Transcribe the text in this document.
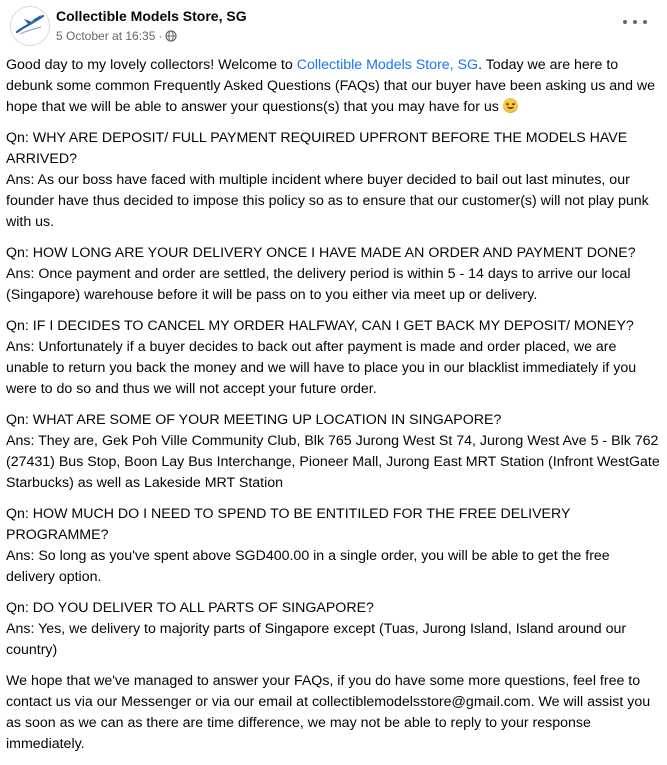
Collectible Models Store, SG
5 October at 16:35 ·

Good day to my lovely collectors! Welcome to Collectible Models Store, SG. Today we are here to debunk some common Frequently Asked Questions (FAQs) that our buyer have been asking us and we hope that we will be able to answer your questions(s) that you may have for us

Qn: WHY ARE DEPOSIT/ FULL PAYMENT REQUIRED UPFRONT BEFORE THE MODELS HAVE ARRIVED?
Ans: As our boss have faced with multiple incident where buyer decided to bail out last minutes, our founder have thus decided to impose this policy so as to ensure that our customer(s) will not play punk with us.

Qn: HOW LONG ARE YOUR DELIVERY ONCE I HAVE MADE AN ORDER AND PAYMENT DONE?
Ans: Once payment and order are settled, the delivery period is within 5 - 14 days to arrive our local (Singapore) warehouse before it will be pass on to you either via meet up or delivery.

Qn: IF I DECIDES TO CANCEL MY ORDER HALFWAY, CAN I GET BACK MY DEPOSIT/ MONEY?
Ans: Unfortunately if a buyer decides to back out after payment is made and order placed, we are unable to return you back the money and we will have to place you in our blacklist immediately if you were to do so and thus we will not accept your future order.

Qn: WHAT ARE SOME OF YOUR MEETING UP LOCATION IN SINGAPORE?
Ans: They are, Gek Poh Ville Community Club, Blk 765 Jurong West St 74, Jurong West Ave 5 - Blk 762 (27431) Bus Stop, Boon Lay Bus Interchange, Pioneer Mall, Jurong East MRT Station (Infront WestGate Starbucks) as well as Lakeside MRT Station

Qn: HOW MUCH DO I NEED TO SPEND TO BE ENTITILED FOR THE FREE DELIVERY PROGRAMME?
Ans: So long as you've spent above SGD400.00 in a single order, you will be able to get the free delivery option.

Qn: DO YOU DELIVER TO ALL PARTS OF SINGAPORE?
Ans: Yes, we delivery to majority parts of Singapore except (Tuas, Jurong Island, Island around our country)

We hope that we've managed to answer your FAQs, if you do have some more questions, feel free to contact us via our Messenger or via our email at collectiblemodelsstore@gmail.com. We will assist you as soon as we can as there are time difference, we may not be able to reply to your response immediately.
